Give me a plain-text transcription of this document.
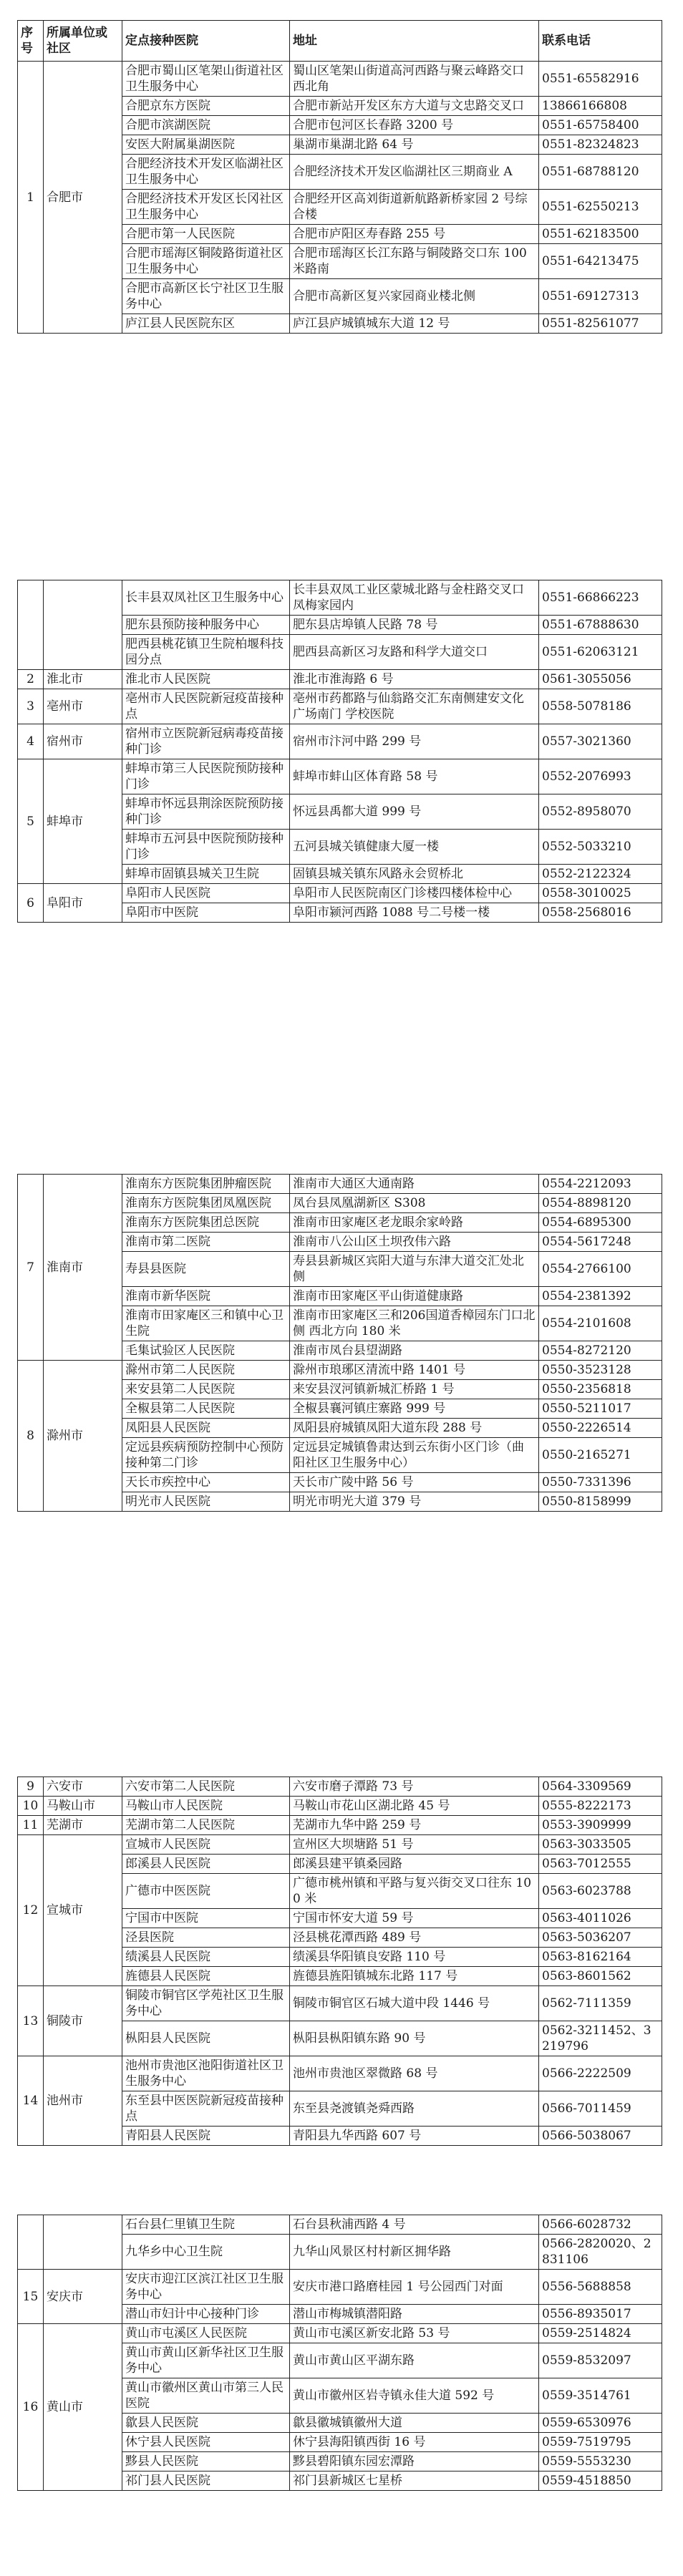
序号	所属单位或社区	定点接种医院	地址	联系电话
1	合肥市	合肥市蜀山区笔架山街道社区卫生服务中心	蜀山区笔架山街道高河西路与聚云峰路交口西北角	0551-65582916
		合肥京东方医院	合肥市新站开发区东方大道与文忠路交叉口	13866166808
		合肥市滨湖医院	合肥市包河区长春路 3200 号	0551-65758400
		安医大附属巢湖医院	巢湖市巢湖北路 64 号	0551-82324823
		合肥经济技术开发区临湖社区卫生服务中心	合肥经济技术开发区临湖社区三期商业 A	0551-68788120
		合肥经济技术开发区长冈社区卫生服务中心	合肥经开区高刘街道新航路新桥家园 2 号综合楼	0551-62550213
		合肥市第一人民医院	合肥市庐阳区寿春路 255 号	0551-62183500
		合肥市瑶海区铜陵路街道社区卫生服务中心	合肥市瑶海区长江东路与铜陵路交口东 100 米路南	0551-64213475
		合肥市高新区长宁社区卫生服务中心	合肥市高新区复兴家园商业楼北侧	0551-69127313
		庐江县人民医院东区	庐江县庐城镇城东大道 12 号	0551-82561077
		长丰县双凤社区卫生服务中心	长丰县双凤工业区蒙城北路与金柱路交叉口凤梅家园内	0551-66866223
		肥东县预防接种服务中心	肥东县店埠镇人民路 78 号	0551-67888630
		肥西县桃花镇卫生院柏堰科技园分点	肥西县高新区习友路和科学大道交口	0551-62063121
2	淮北市	淮北市人民医院	淮北市淮海路 6 号	0561-3055056
3	亳州市	亳州市人民医院新冠疫苗接种点	亳州市药都路与仙翁路交汇东南侧建安文化广场南门 学校医院	0558-5078186
4	宿州市	宿州市立医院新冠病毒疫苗接种门诊	宿州市汴河中路 299 号	0557-3021360
5	蚌埠市	蚌埠市第三人民医院预防接种门诊	蚌埠市蚌山区体育路 58 号	0552-2076993
		蚌埠市怀远县荆涂医院预防接种门诊	怀远县禹都大道 999 号	0552-8958070
		蚌埠市五河县中医院预防接种门诊	五河县城关镇健康大厦一楼	0552-5033210
		蚌埠市固镇县城关卫生院	固镇县城关镇东风路永会贸桥北	0552-2122324
6	阜阳市	阜阳市人民医院	阜阳市人民医院南区门诊楼四楼体检中心	0558-3010025
		阜阳市中医院	阜阳市颍河西路 1088 号二号楼一楼	0558-2568016
7	淮南市	淮南东方医院集团肿瘤医院	淮南市大通区大通南路	0554-2212093
		淮南东方医院集团凤凰医院	凤台县凤凰湖新区 S308	0554-8898120
		淮南东方医院集团总医院	淮南市田家庵区老龙眼余家岭路	0554-6895300
		淮南市第二医院	淮南市八公山区土坝孜伟六路	0554-5617248
		寿县县医院	寿县县新城区宾阳大道与东津大道交汇处北侧	0554-2766100
		淮南市新华医院	淮南市田家庵区平山街道健康路	0554-2381392
		淮南市田家庵区三和镇中心卫生院	淮南市田家庵区三和206国道香樟园东门口北侧 西北方向 180 米	0554-2101608
		毛集试验区人民医院	淮南市凤台县望湖路	0554-8272120
8	滁州市	滁州市第二人民医院	滁州市琅琊区清流中路 1401 号	0550-3523128
		来安县第二人民医院	来安县汊河镇新城汇桥路 1 号	0550-2356818
		全椒县第二人民医院	全椒县襄河镇庄寨路 999 号	0550-5211017
		凤阳县人民医院	凤阳县府城镇凤阳大道东段 288 号	0550-2226514
		定远县疾病预防控制中心预防接种第二门诊	定远县定城镇鲁肃达到云东街小区门诊（曲阳社区卫生服务中心）	0550-2165271
		天长市疾控中心	天长市广陵中路 56 号	0550-7331396
		明光市人民医院	明光市明光大道 379 号	0550-8158999
9	六安市	六安市第二人民医院	六安市磨子潭路 73 号	0564-3309569
10	马鞍山市	马鞍山市人民医院	马鞍山市花山区湖北路 45 号	0555-8222173
11	芜湖市	芜湖市第二人民医院	芜湖市九华中路 259 号	0553-3909999
12	宣城市	宣城市人民医院	宣州区大坝塘路 51 号	0563-3033505
		郎溪县人民医院	郎溪县建平镇桑园路	0563-7012555
		广德市中医医院	广德市桃州镇和平路与复兴街交叉口往东 100 米	0563-6023788
		宁国市中医院	宁国市怀安大道 59 号	0563-4011026
		泾县医院	泾县桃花潭西路 489 号	0563-5036207
		绩溪县人民医院	绩溪县华阳镇良安路 110 号	0563-8162164
		旌德县人民医院	旌德县旌阳镇城东北路 117 号	0563-8601562
13	铜陵市	铜陵市铜官区学苑社区卫生服务中心	铜陵市铜官区石城大道中段 1446 号	0562-7111359
		枞阳县人民医院	枞阳县枞阳镇东路 90 号	0562-3211452、3219796
14	池州市	池州市贵池区池阳街道社区卫生服务中心	池州市贵池区翠微路 68 号	0566-2222509
		东至县中医医院新冠疫苗接种点	东至县尧渡镇尧舜西路	0566-7011459
		青阳县人民医院	青阳县九华西路 607 号	0566-5038067
		石台县仁里镇卫生院	石台县秋浦西路 4 号	0566-6028732
		九华乡中心卫生院	九华山风景区村村新区拥华路	0566-2820020、2831106
15	安庆市	安庆市迎江区滨江社区卫生服务中心	安庆市港口路磨桂园 1 号公园西门对面	0556-5688858
		潜山市妇计中心接种门诊	潜山市梅城镇潜阳路	0556-8935017
16	黄山市	黄山市屯溪区人民医院	黄山市屯溪区新安北路 53 号	0559-2514824
		黄山市黄山区新华社区卫生服务中心	黄山市黄山区平湖东路	0559-8532097
		黄山市徽州区黄山市第三人民医院	黄山市徽州区岩寺镇永佳大道 592 号	0559-3514761
		歙县人民医院	歙县徽城镇徽州大道	0559-6530976
		休宁县人民医院	休宁县海阳镇西街 16 号	0559-7519795
		黟县人民医院	黟县碧阳镇东园宏潭路	0559-5553230
		祁门县人民医院	祁门县新城区七星桥	0559-4518850
